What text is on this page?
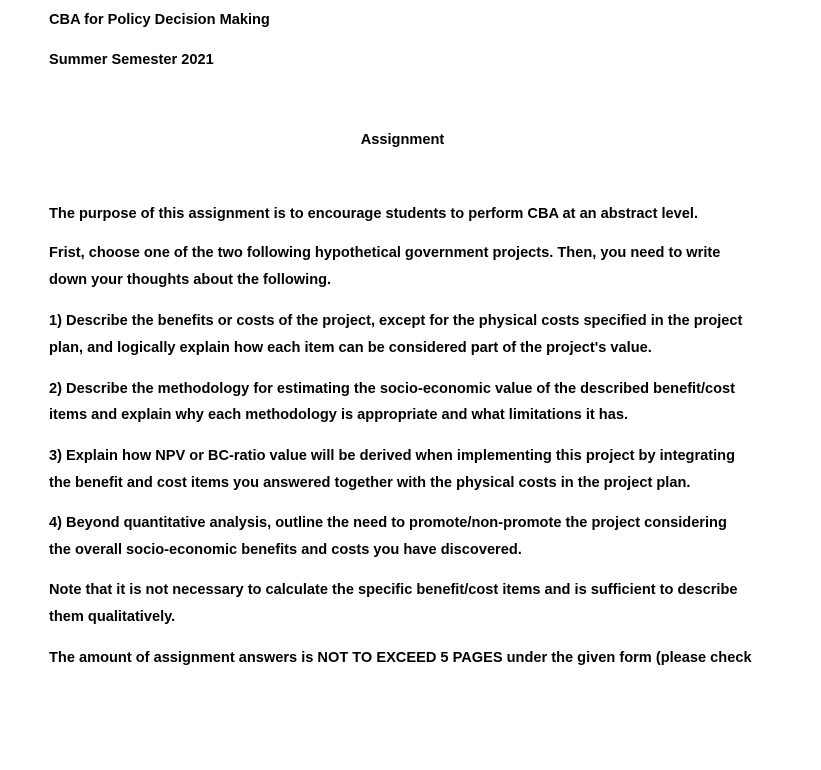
CBA for Policy Decision Making
Summer Semester 2021
Assignment
The purpose of this assignment is to encourage students to perform CBA at an abstract level.
Frist, choose one of the two following hypothetical government projects. Then, you need to write
down your thoughts about the following.
1) Describe the benefits or costs of the project, except for the physical costs specified in the project
plan, and logically explain how each item can be considered part of the project's value.
2) Describe the methodology for estimating the socio-economic value of the described benefit/cost
items and explain why each methodology is appropriate and what limitations it has.
3) Explain how NPV or BC-ratio value will be derived when implementing this project by integrating
the benefit and cost items you answered together with the physical costs in the project plan.
4) Beyond quantitative analysis, outline the need to promote/non-promote the project considering
the overall socio-economic benefits and costs you have discovered.
Note that it is not necessary to calculate the specific benefit/cost items and is sufficient to describe
them qualitatively.
The amount of assignment answers is NOT TO EXCEED 5 PAGES under the given form (please check
